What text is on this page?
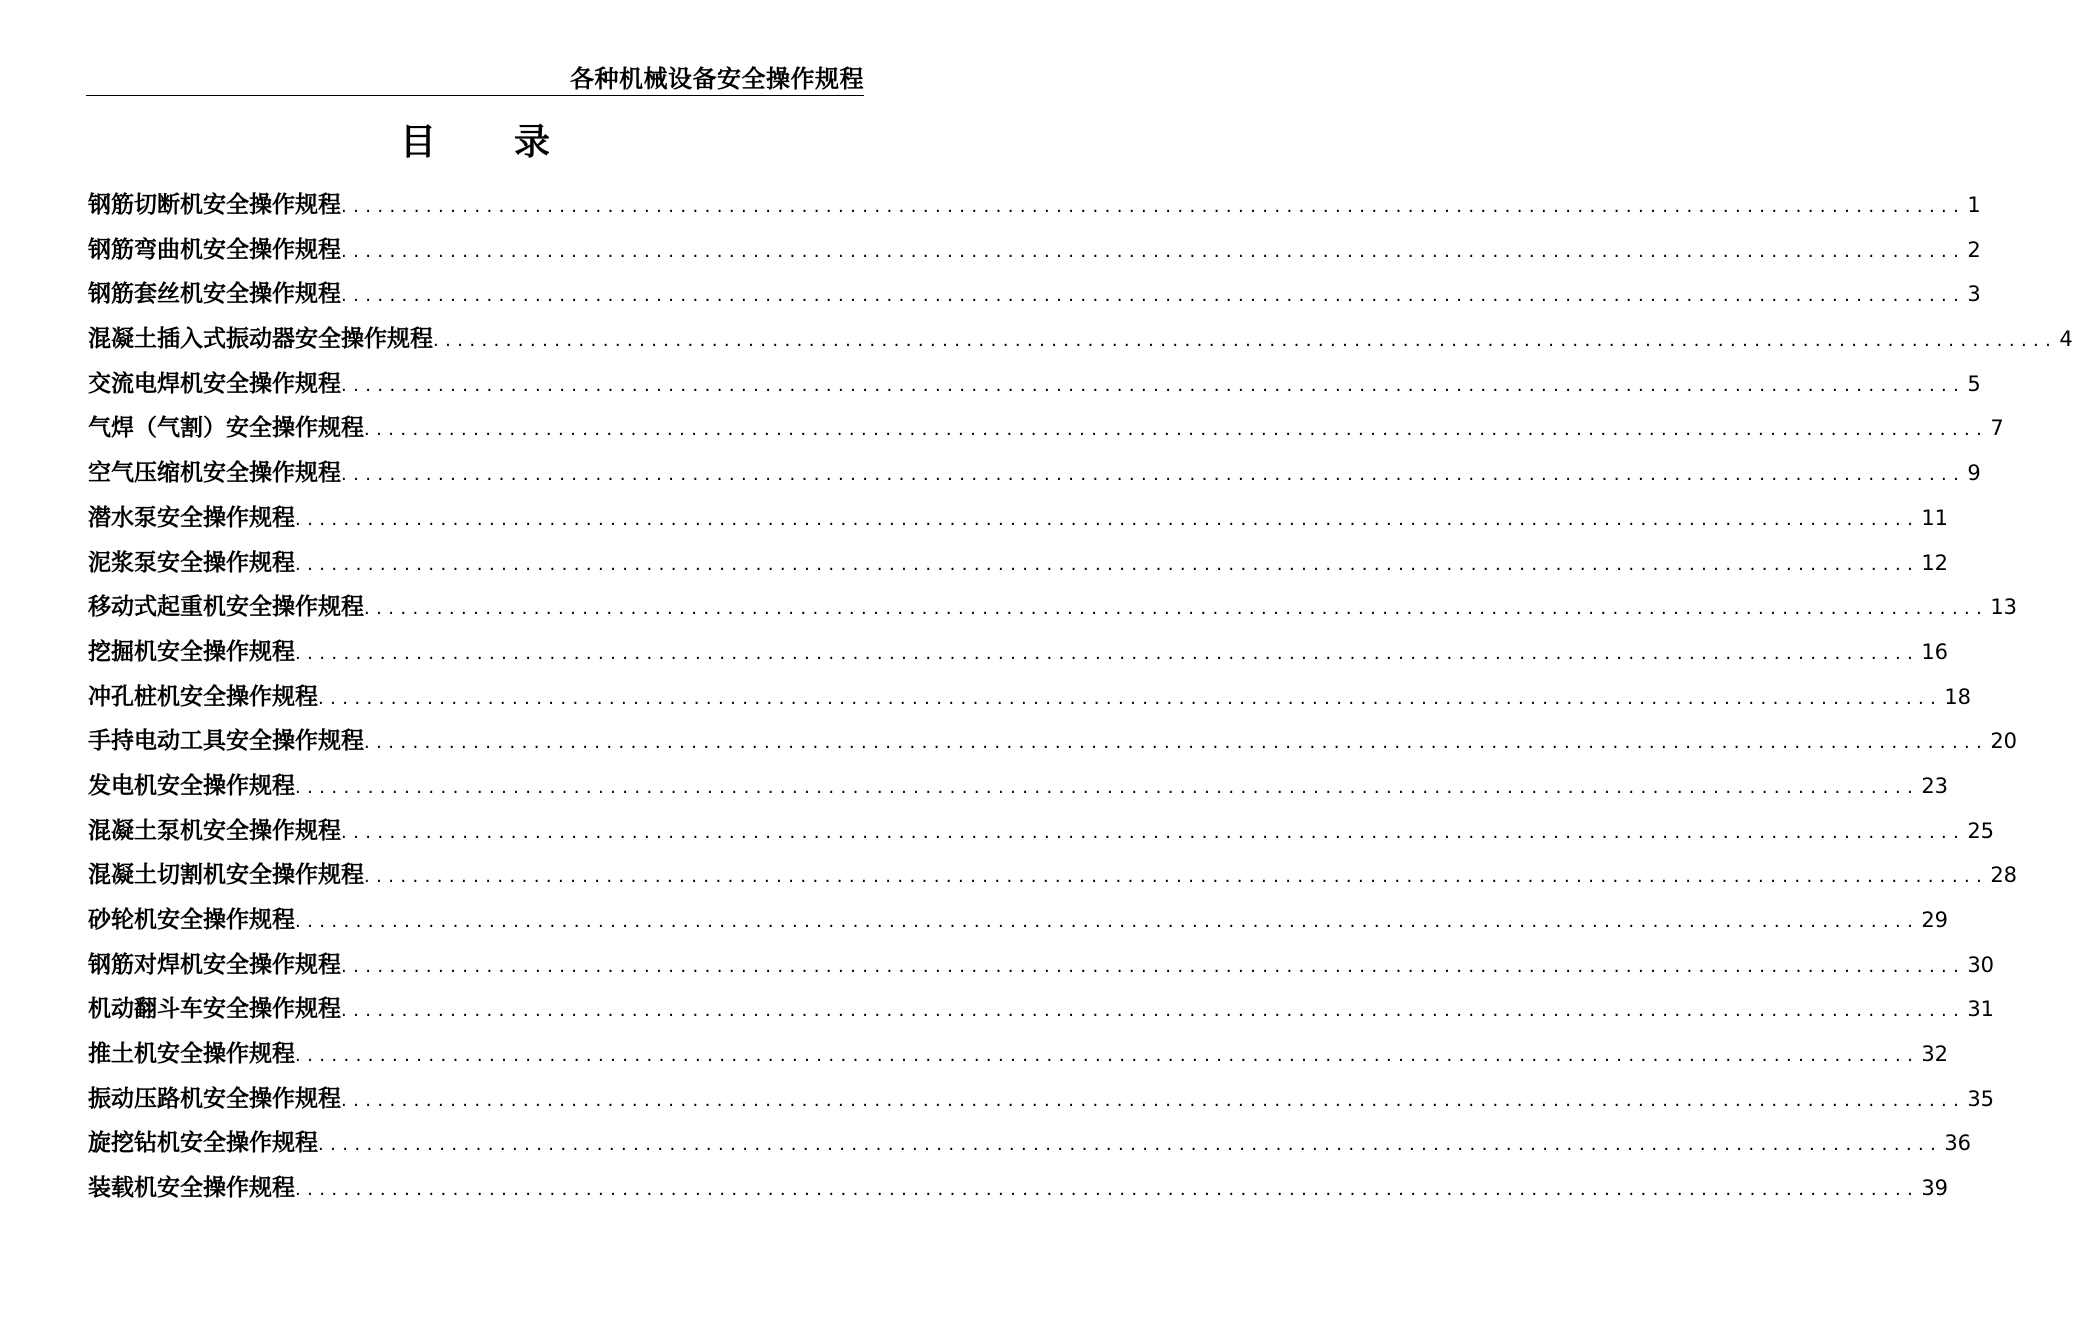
各种机械设备安全操作规程
目录
钢筋切断机安全操作规程 ...................................................................................................................................... 1
钢筋弯曲机安全操作规程 ...................................................................................................................................... 2
钢筋套丝机安全操作规程 ...................................................................................................................................... 3
混凝土插入式振动器安全操作规程 ...................................................................................................................................... 4
交流电焊机安全操作规程 ...................................................................................................................................... 5
气焊（气割）安全操作规程 ...................................................................................................................................... 7
空气压缩机安全操作规程 ...................................................................................................................................... 9
潜水泵安全操作规程 ...................................................................................................................................... 11
泥浆泵安全操作规程 ...................................................................................................................................... 12
移动式起重机安全操作规程 ...................................................................................................................................... 13
挖掘机安全操作规程 ...................................................................................................................................... 16
冲孔桩机安全操作规程 ...................................................................................................................................... 18
手持电动工具安全操作规程 ...................................................................................................................................... 20
发电机安全操作规程 ...................................................................................................................................... 23
混凝土泵机安全操作规程 ...................................................................................................................................... 25
混凝土切割机安全操作规程 ...................................................................................................................................... 28
砂轮机安全操作规程 ...................................................................................................................................... 29
钢筋对焊机安全操作规程 ...................................................................................................................................... 30
机动翻斗车安全操作规程 ...................................................................................................................................... 31
推土机安全操作规程 ...................................................................................................................................... 32
振动压路机安全操作规程 ...................................................................................................................................... 35
旋挖钻机安全操作规程 ...................................................................................................................................... 36
装载机安全操作规程 ...................................................................................................................................... 39
